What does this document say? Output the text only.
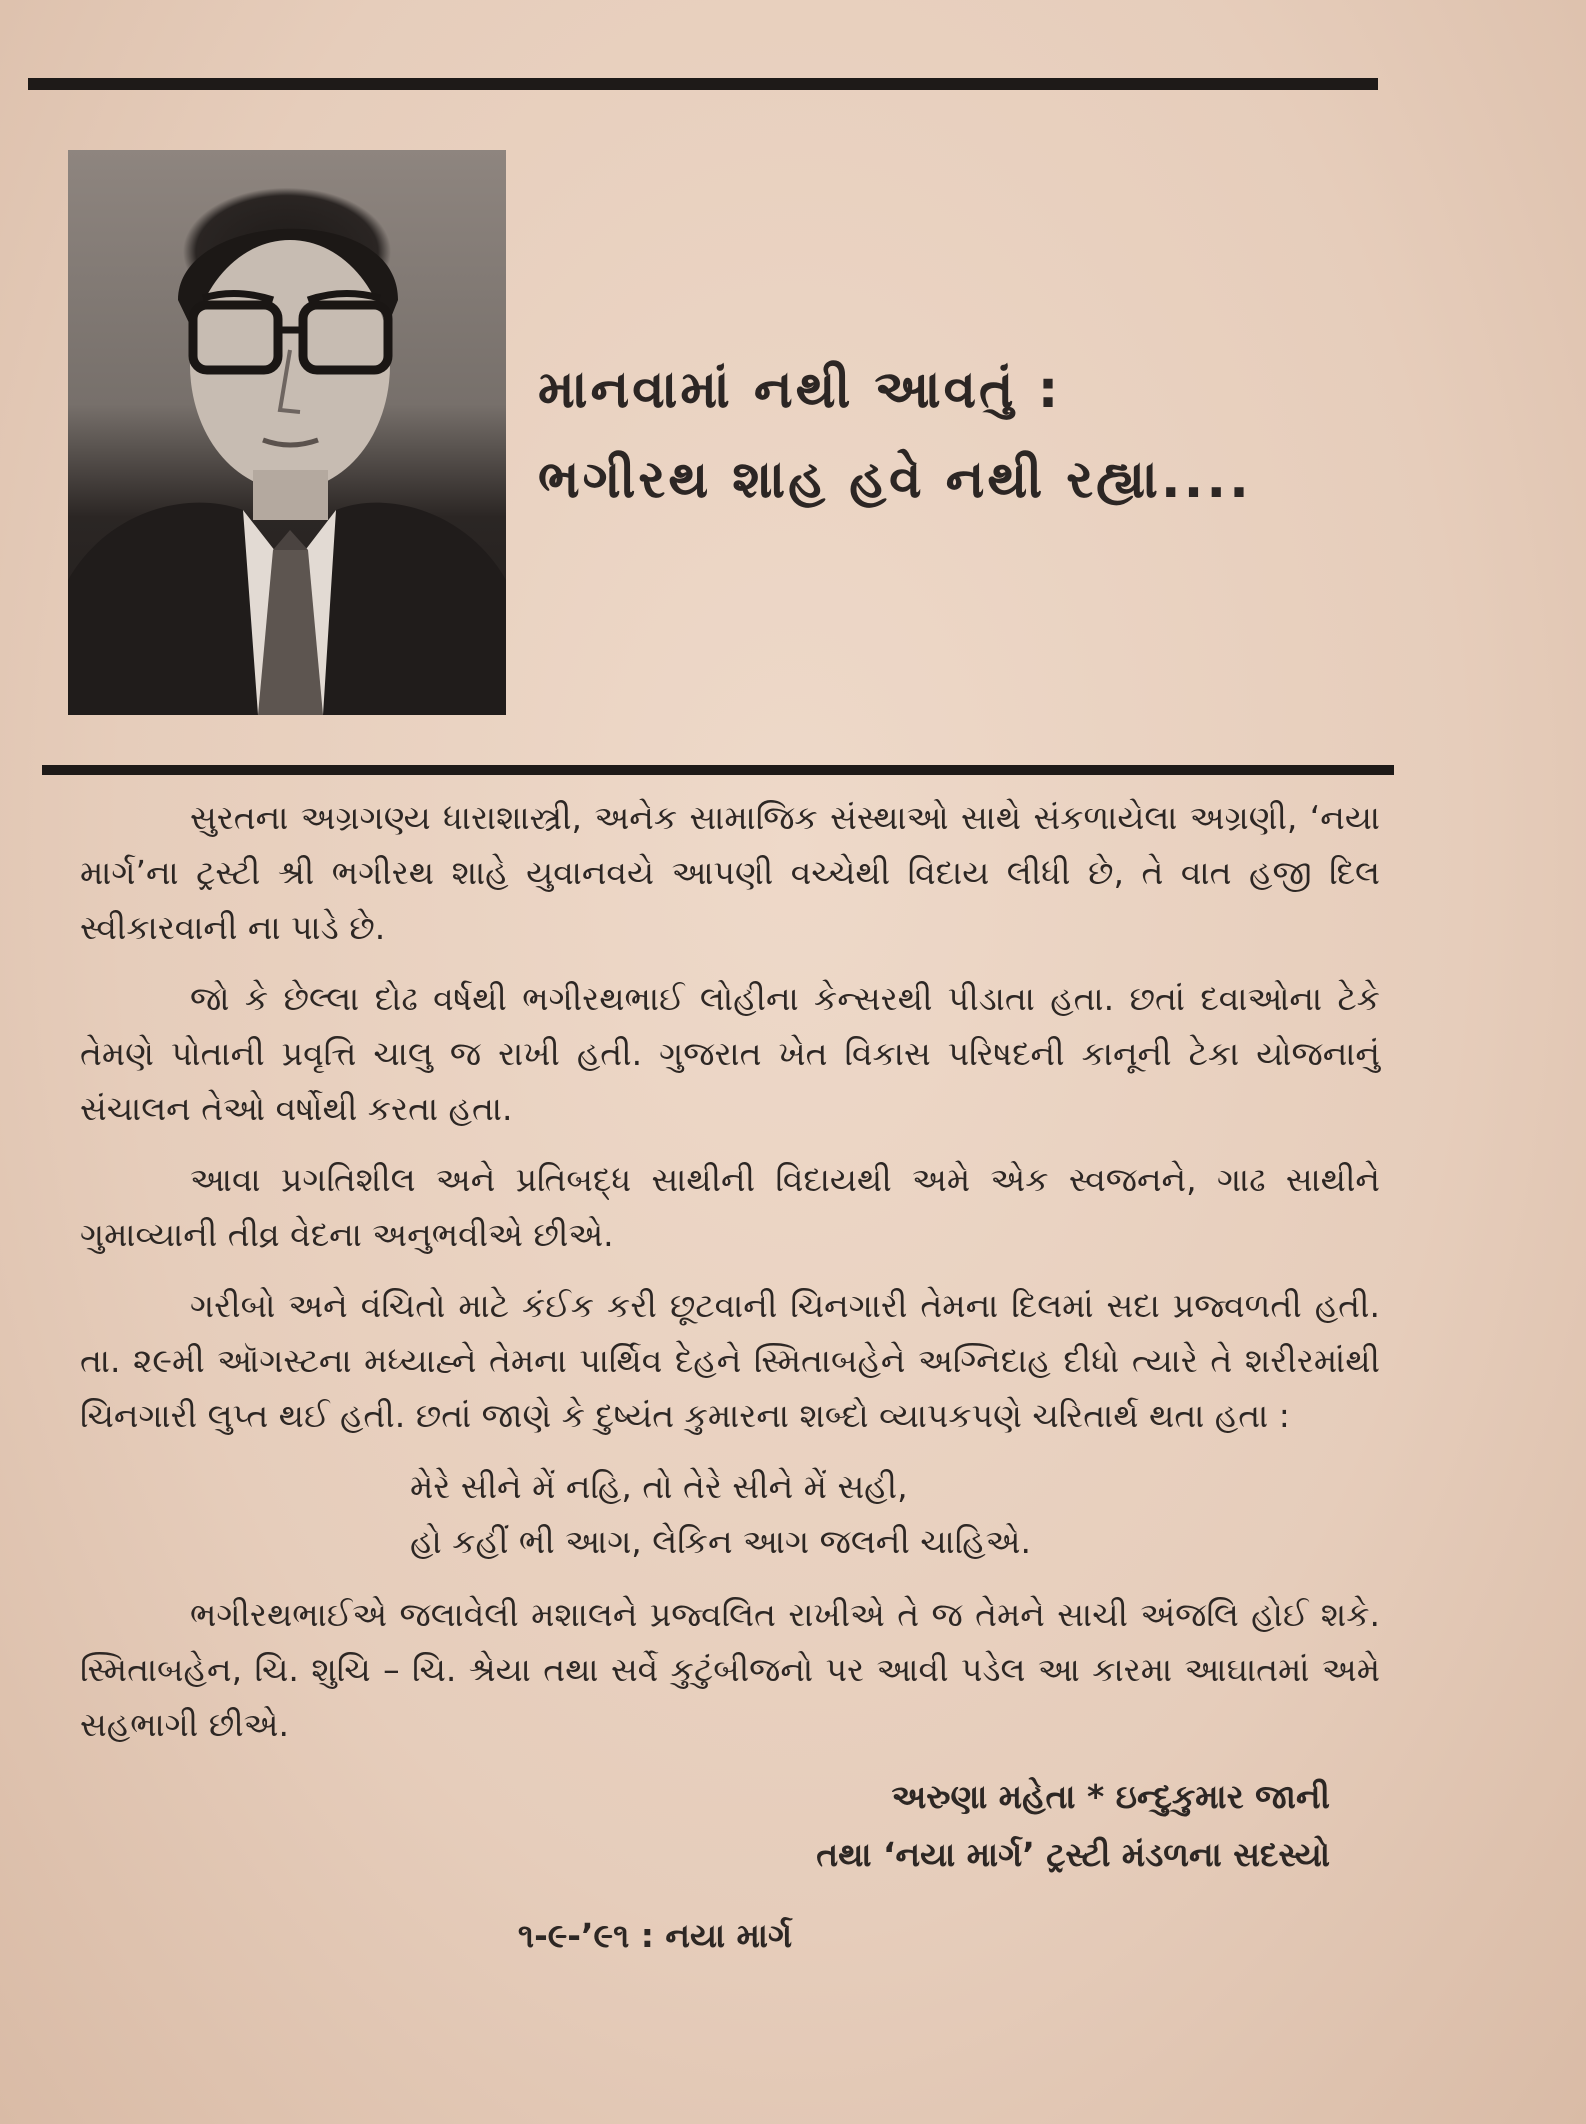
માનવામાં નથી આવતું :
ભગીરથ શાહ હવે નથી રહ્યા....

સુરતના અગ્રગણ્ય ધારાશાસ્ત્રી, અનેક સામાજિક સંસ્થાઓ સાથે સંકળાયેલા અગ્રણી, ‘નયા માર્ગ’ના ટ્રસ્ટી શ્રી ભગીરથ શાહે યુવાનવયે આપણી વચ્ચેથી વિદાય લીધી છે, તે વાત હજી દિલ સ્વીકારવાની ના પાડે છે.

જો કે છેલ્લા દોઢ વર્ષથી ભગીરથભાઈ લોહીના કેન્સરથી પીડાતા હતા. છતાં દવાઓના ટેકે તેમણે પોતાની પ્રવૃત્તિ ચાલુ જ રાખી હતી. ગુજરાત ખેત વિકાસ પરિષદની કાનૂની ટેકા યોજનાનું સંચાલન તેઓ વર્ષોથી કરતા હતા.

આવા પ્રગતિશીલ અને પ્રતિબદ્ધ સાથીની વિદાયથી અમે એક સ્વજનને, ગાઢ સાથીને ગુમાવ્યાની તીવ્ર વેદના અનુભવીએ છીએ.

ગરીબો અને વંચિતો માટે કંઈક કરી છૂટવાની ચિનગારી તેમના દિલમાં સદા પ્રજ્વળતી હતી. તા. ૨૯મી ઑગસ્ટના મધ્યાહ્ને તેમના પાર્થિવ દેહને સ્મિતાબહેને અગ્નિદાહ દીધો ત્યારે તે શરીરમાંથી ચિનગારી લુપ્ત થઈ હતી. છતાં જાણે કે દુષ્યંત કુમારના શબ્દો વ્યાપકપણે ચરિતાર્થ થતા હતા :

મેરે સીને મેં નહિ, તો તેરે સીને મેં સહી,
હો કહીં ભી આગ, લેકિન આગ જલની ચાહિએ.

ભગીરથભાઈએ જલાવેલી મશાલને પ્રજ્વલિત રાખીએ તે જ તેમને સાચી અંજલિ હોઈ શકે. સ્મિતાબહેન, ચિ. શુચિ – ચિ. શ્રેયા તથા સર્વે કુટુંબીજનો પર આવી પડેલ આ કારમા આઘાતમાં અમે સહભાગી છીએ.

અરુણા મહેતા * ઇન્દુકુમાર જાની
તથા ‘નયા માર્ગ’ ટ્રસ્ટી મંડળના સદસ્યો
૧-૯-’૯૧ : નયા માર્ગ
